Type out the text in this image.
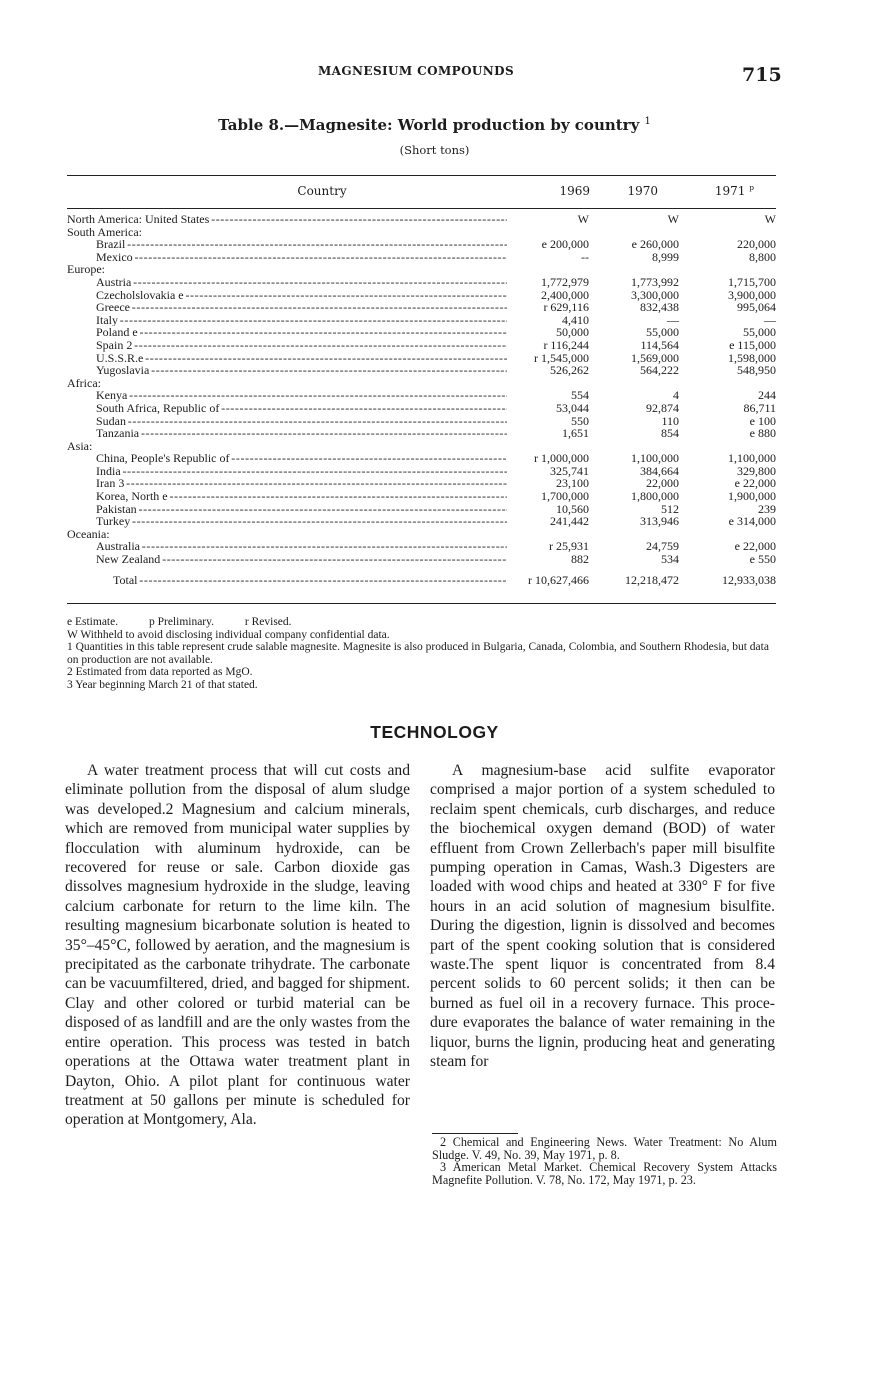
MAGNESIUM COMPOUNDS	715
Table 8.—Magnesite: World production by country $^1$
(Short tons)
Country	1969	1970	1971 $^p$
North America: United States - - -	W	W	W
South America:
Brazil - - -	e 200,000	e 260,000	220,000
Mexico - - -	--	8,999	8,800
Europe:
Austria - - -	1,772,979	1,773,992	1,715,700
Czecholslovakia e - - -	2,400,000	3,300,000	3,900,000
Greece - - -	r 629,116	832,438	995,064
Italy - - -	4,410	—	—
Poland e - - -	50,000	55,000	55,000
Spain 2 - - -	r 116,244	114,564	e 115,000
U.S.S.R.e - - -	r 1,545,000	1,569,000	1,598,000
Yugoslavia - - -	526,262	564,222	548,950
Africa:
Kenya - - -	554	4	244
South Africa, Republic of - - -	53,044	92,874	86,711
Sudan - - -	550	110	e 100
Tanzania - - -	1,651	854	e 880
Asia:
China, People's Republic of - - -	r 1,000,000	1,100,000	1,100,000
India - - -	325,741	384,664	329,800
Iran 3 - - -	23,100	22,000	e 22,000
Korea, North e - - -	1,700,000	1,800,000	1,900,000
Pakistan - - -	10,560	512	239
Turkey - - -	241,442	313,946	e 314,000
Oceania:
Australia - - -	r 25,931	24,759	e 22,000
New Zealand - - -	882	534	e 550
Total - - -	r 10,627,466	12,218,472	12,933,038

e Estimate.	p Preliminary.	r Revised.

W Withheld to avoid disclosing individual company confidential data.

1 Quantities in this table represent crude salable magnesite. Magnesite is also produced in Bulgaria, Canada, Colombia, and Southern Rhodesia, but data on production are not available.

2 Estimated from data reported as MgO.

3 Year beginning March 21 of that stated.

TECHNOLOGY

A water treatment process that will cut costs and eliminate pollution from the disposal of alum sludge was developed.2 Magnesium and calcium minerals, which are removed from municipal water supplies by flocculation with aluminum hydroxide, can be recovered for reuse or sale. Carbon dioxide gas dissolves magnesium hydroxide in the sludge, leaving calcium carbonate for return to the lime kiln. The resulting magnesium bicarbonate solution is heated to 35°–45°C, followed by aeration, and the magnesium is precipitated as the carbonate trihydrate. The carbonate can be vacuumfiltered, dried, and bagged for shipment. Clay and other colored or turbid material can be disposed of as landfill and are the only wastes from the entire operation. This process was tested in batch operations at the Ottawa water treatment plant in Dayton, Ohio. A pilot plant for continuous water treatment at 50 gallons per minute is scheduled for operation at Montgomery, Ala.

A magnesium-base acid sulfite evaporator comprised a major portion of a system scheduled to reclaim spent chemicals, curb discharges, and reduce the biochemical oxygen demand (BOD) of water effluent from Crown Zellerbach's paper mill bisulfite pumping operation in Camas, Wash.3 Digesters are loaded with wood chips and heated at 330° F for five hours in an acid solution of magnesium bisulfite. During the digestion, lignin is dissolved and becomes part of the spent cooking solution that is considered waste.The spent liquor is concentrated from 8.4 percent solids to 60 percent solids; it then can be burned as fuel oil in a recovery furnace. This procedure evaporates the balance of water remaining in the liquor, burns the lignin, producing heat and generating steam for

2 Chemical and Engineering News. Water Treatment: No Alum Sludge. V. 49, No. 39, May 1971, p. 8.

3 American Metal Market. Chemical Recovery System Attacks Magnefite Pollution. V. 78, No. 172, May 1971, p. 23.
